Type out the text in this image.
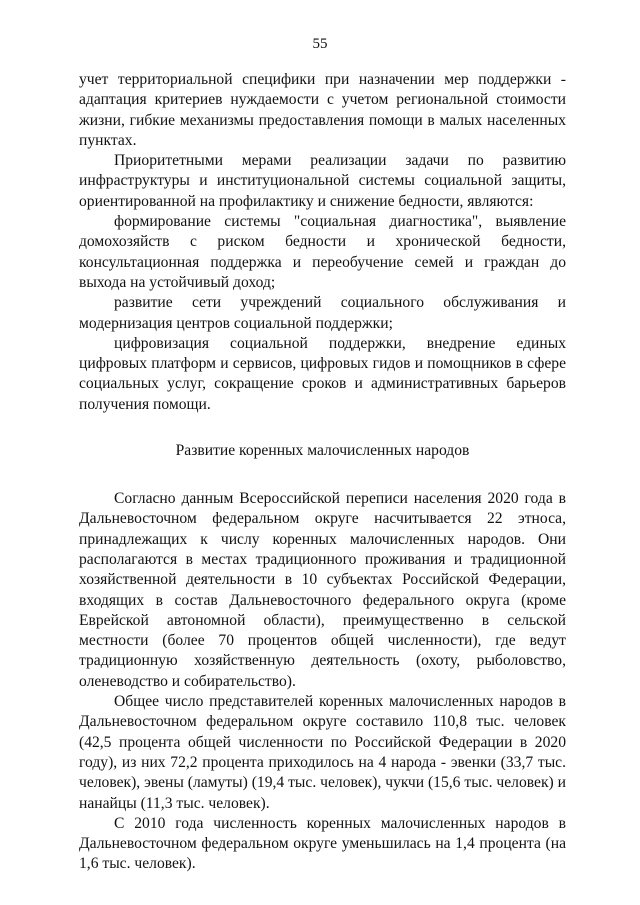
55

учет территориальной специфики при назначении мер поддержки - адаптация критериев нуждаемости с учетом региональной стоимости жизни, гибкие механизмы предоставления помощи в малых населенных пунктах.

Приоритетными мерами реализации задачи по развитию инфраструктуры и институциональной системы социальной защиты, ориентированной на профилактику и снижение бедности, являются:

формирование системы "социальная диагностика", выявление домохозяйств с риском бедности и хронической бедности, консультационная поддержка и переобучение семей и граждан до выхода на устойчивый доход;

развитие сети учреждений социального обслуживания и модернизация центров социальной поддержки;

цифровизация социальной поддержки, внедрение единых цифровых платформ и сервисов, цифровых гидов и помощников в сфере социальных услуг, сокращение сроков и административных барьеров получения помощи.

Развитие коренных малочисленных народов

Согласно данным Всероссийской переписи населения 2020 года в Дальневосточном федеральном округе насчитывается 22 этноса, принадлежащих к числу коренных малочисленных народов. Они располагаются в местах традиционного проживания и традиционной хозяйственной деятельности в 10 субъектах Российской Федерации, входящих в состав Дальневосточного федерального округа (кроме Еврейской автономной области), преимущественно в сельской местности (более 70 процентов общей численности), где ведут традиционную хозяйственную деятельность (охоту, рыболовство, оленеводство и собирательство).

Общее число представителей коренных малочисленных народов в Дальневосточном федеральном округе составило 110,8 тыс. человек (42,5 процента общей численности по Российской Федерации в 2020 году), из них 72,2 процента приходилось на 4 народа - эвенки (33,7 тыс. человек), эвены (ламуты) (19,4 тыс. человек), чукчи (15,6 тыс. человек) и нанайцы (11,3 тыс. человек).

С 2010 года численность коренных малочисленных народов в Дальневосточном федеральном округе уменьшилась на 1,4 процента (на 1,6 тыс. человек).
